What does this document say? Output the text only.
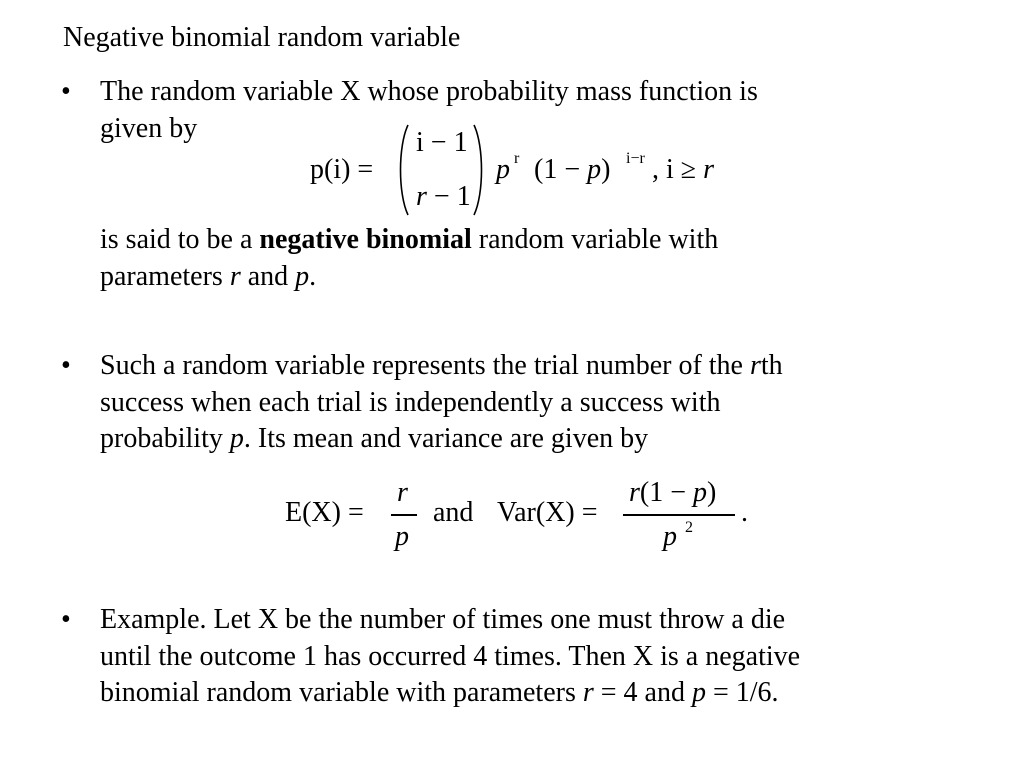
Negative binomial random variable
• The random variable X whose probability mass function is

given by

p(i) =
i − 1
r − 1
p r (1 − p) i−r , i ≥ r

is said to be a negative binomial random variable with

parameters r and p.

• Such a random variable represents the trial number of the rth

success when each trial is independently a success with

probability p. Its mean and variance are given by

E(X) =
r
p
and Var(X) =
r(1 − p)
p 2 .
• Example. Let X be the number of times one must throw a die

until the outcome 1 has occurred 4 times. Then X is a negative

binomial random variable with parameters r = 4 and p = 1/6.
